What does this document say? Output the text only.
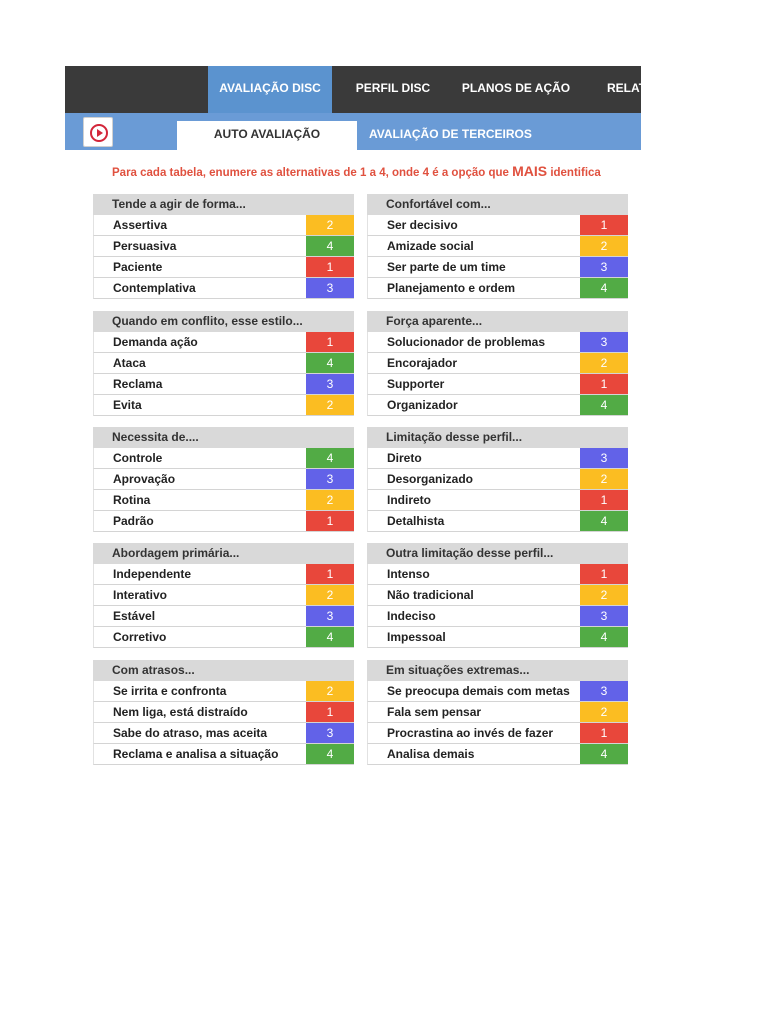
AVALIAÇÃO DISC	PERFIL DISC	PLANOS DE AÇÃO	RELATÓRIO
AUTO AVALIAÇÃO	AVALIAÇÃO DE TERCEIROS
Para cada tabela, enumere as alternativas de 1 a 4, onde 4 é a opção que MAIS identifica
Tende a agir de forma...
Assertiva	2
Persuasiva	4
Paciente	1
Contemplativa	3
Confortável com...
Ser decisivo	1
Amizade social	2
Ser parte de um time	3
Planejamento e ordem	4
Quando em conflito, esse estilo...
Demanda ação	1
Ataca	4
Reclama	3
Evita	2
Força aparente...
Solucionador de problemas	3
Encorajador	2
Supporter	1
Organizador	4
Necessita de....
Controle	4
Aprovação	3
Rotina	2
Padrão	1
Limitação desse perfil...
Direto	3
Desorganizado	2
Indireto	1
Detalhista	4
Abordagem primária...
Independente	1
Interativo	2
Estável	3
Corretivo	4
Outra limitação desse perfil...
Intenso	1
Não tradicional	2
Indeciso	3
Impessoal	4
Com atrasos...
Se irrita e confronta	2
Nem liga, está distraído	1
Sabe do atraso, mas aceita	3
Reclama e analisa a situação	4
Em situações extremas...
Se preocupa demais com metas	3
Fala sem pensar	2
Procrastina ao invés de fazer	1
Analisa demais	4
